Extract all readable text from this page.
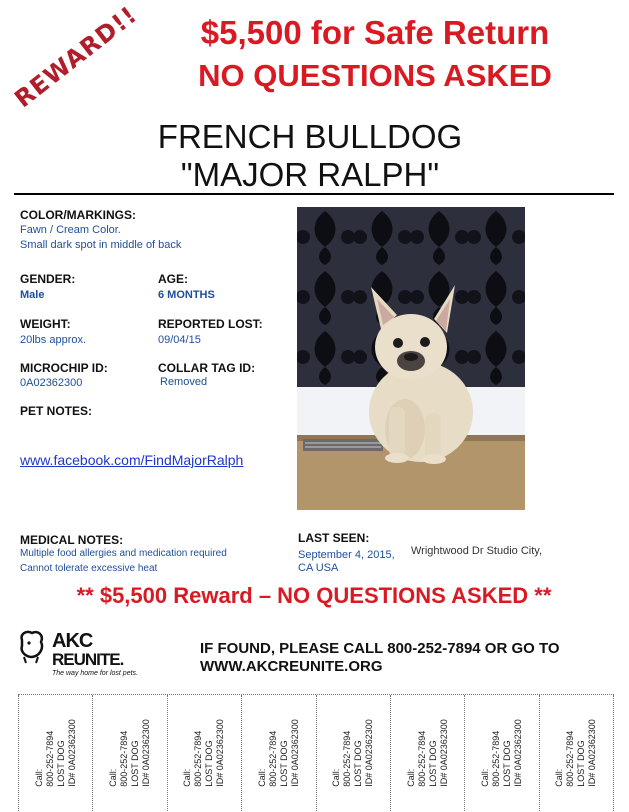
REWARD!!	$5,500 for Safe Return
NO QUESTIONS ASKED
FRENCH BULLDOG
"MAJOR RALPH"
COLOR/MARKINGS:
Fawn / Cream Color.
Small dark spot in middle of back
GENDER:
Male
AGE:
6 MONTHS
WEIGHT:
20lbs approx.
REPORTED LOST:
09/04/15
MICROCHIP ID:
0A02362300
COLLAR TAG ID:
Removed
PET NOTES:
www.facebook.com/FindMajorRalph
MEDICAL NOTES:
Multiple food allergies and medication required
Cannot tolerate excessive heat
LAST SEEN:
September 4, 2015, Wrightwood Dr Studio City,
CA USA
** $5,500 Reward – NO QUESTIONS ASKED **
AKC
REUNITE.
The way home for lost pets.
IF FOUND, PLEASE CALL 800-252-7894 OR GO TO
WWW.AKCREUNITE.ORG
Call: 800-252-7894 LOST DOG ID# 0A02362300	Call: 800-252-7894 LOST DOG ID# 0A02362300	Call: 800-252-7894 LOST DOG ID# 0A02362300	Call: 800-252-7894 LOST DOG ID# 0A02362300	Call: 800-252-7894 LOST DOG ID# 0A02362300	Call: 800-252-7894 LOST DOG ID# 0A02362300	Call: 800-252-7894 LOST DOG ID# 0A02362300	Call: 800-252-7894 LOST DOG ID# 0A02362300
